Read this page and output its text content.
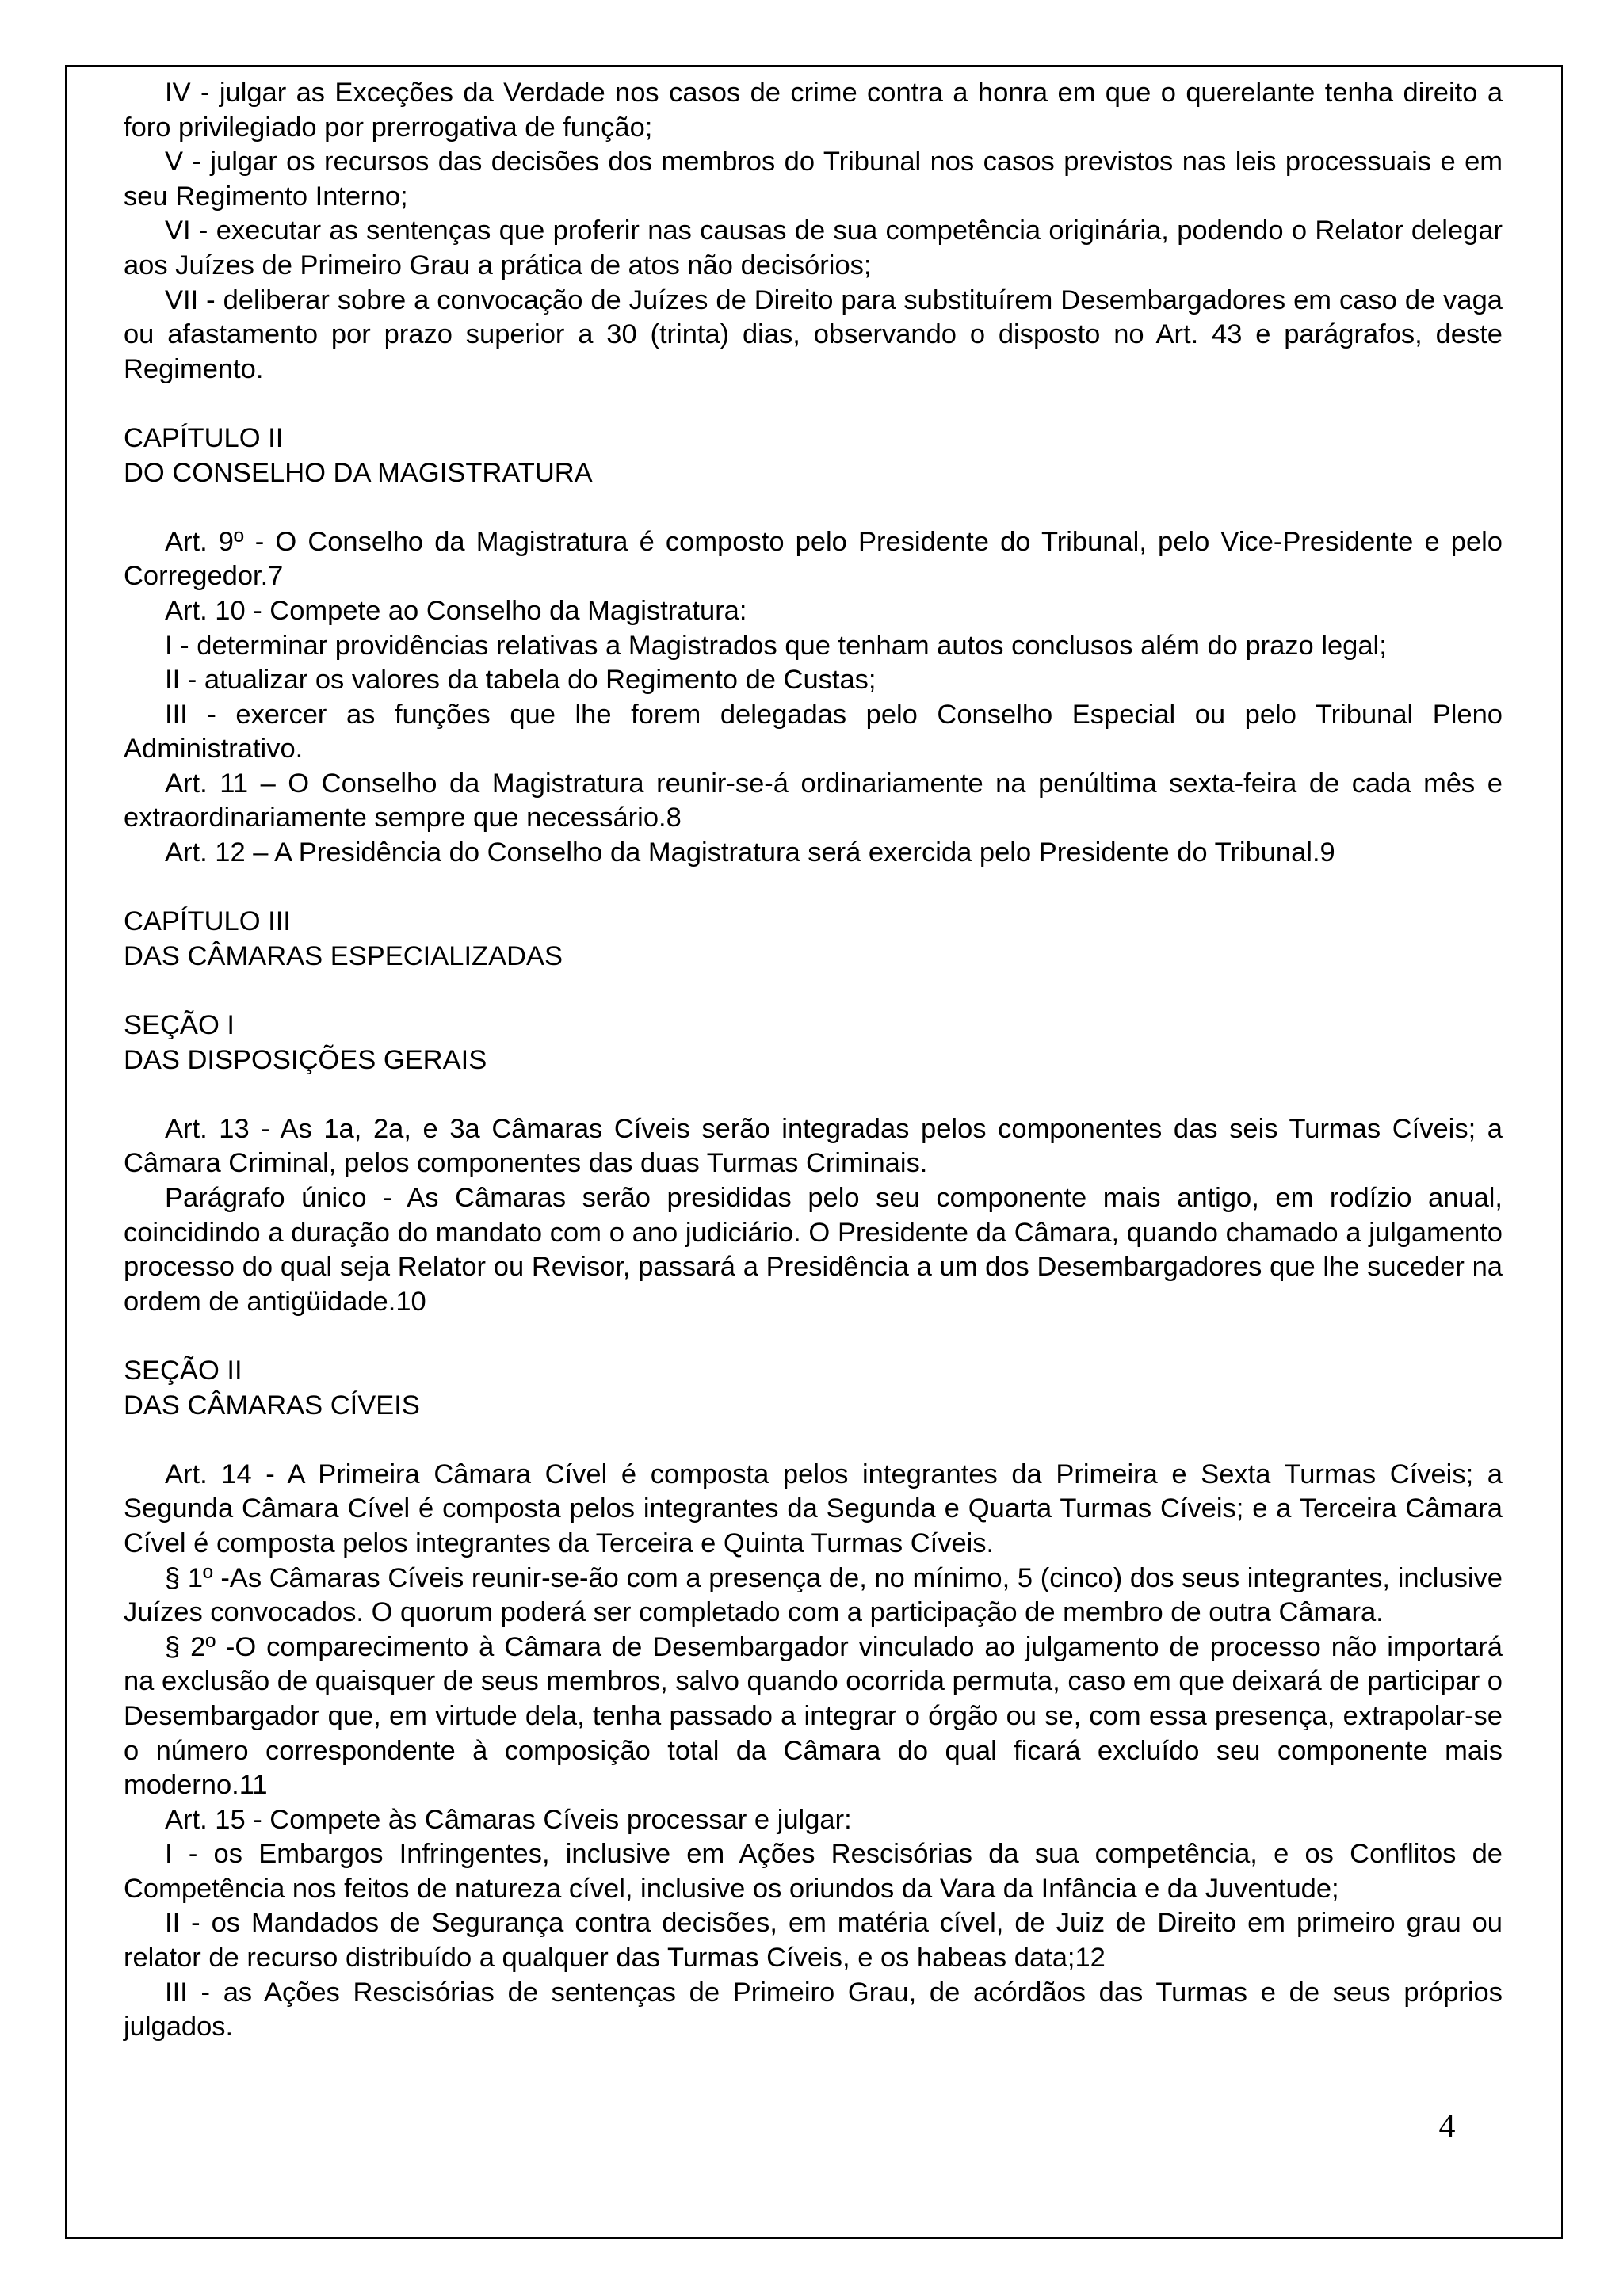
IV - julgar as Exceções da Verdade nos casos de crime contra a honra em que o querelante tenha direito a foro privilegiado por prerrogativa de função;

V - julgar os recursos das decisões dos membros do Tribunal nos casos previstos nas leis processuais e em seu Regimento Interno;

VI - executar as sentenças que proferir nas causas de sua competência originária, podendo o Relator delegar aos Juízes de Primeiro Grau a prática de atos não decisórios;

VII - deliberar sobre a convocação de Juízes de Direito para substituírem Desembargadores em caso de vaga ou afastamento por prazo superior a 30 (trinta) dias, observando o disposto no Art. 43 e parágrafos, deste Regimento.

CAPÍTULO II

DO CONSELHO DA MAGISTRATURA

Art. 9º - O Conselho da Magistratura é composto pelo Presidente do Tribunal, pelo Vice-Presidente e pelo Corregedor.7

Art. 10 - Compete ao Conselho da Magistratura:

I - determinar providências relativas a Magistrados que tenham autos conclusos além do prazo legal;

II - atualizar os valores da tabela do Regimento de Custas;

III - exercer as funções que lhe forem delegadas pelo Conselho Especial ou pelo Tribunal Pleno Administrativo.

Art. 11 – O Conselho da Magistratura reunir-se-á ordinariamente na penúltima sexta-feira de cada mês e extraordinariamente sempre que necessário.8

Art. 12 – A Presidência do Conselho da Magistratura será exercida pelo Presidente do Tribunal.9

CAPÍTULO III

DAS CÂMARAS ESPECIALIZADAS

SEÇÃO I

DAS DISPOSIÇÕES GERAIS

Art. 13 - As 1a, 2a, e 3a Câmaras Cíveis serão integradas pelos componentes das seis Turmas Cíveis; a Câmara Criminal, pelos componentes das duas Turmas Criminais.

Parágrafo único - As Câmaras serão presididas pelo seu componente mais antigo, em rodízio anual, coincidindo a duração do mandato com o ano judiciário. O Presidente da Câmara, quando chamado a julgamento processo do qual seja Relator ou Revisor, passará a Presidência a um dos Desembargadores que lhe suceder na ordem de antigüidade.10

SEÇÃO II

DAS CÂMARAS CÍVEIS

Art. 14 - A Primeira Câmara Cível é composta pelos integrantes da Primeira e Sexta Turmas Cíveis; a Segunda Câmara Cível é composta pelos integrantes da Segunda e Quarta Turmas Cíveis; e a Terceira Câmara Cível é composta pelos integrantes da Terceira e Quinta Turmas Cíveis.

§ 1º -As Câmaras Cíveis reunir-se-ão com a presença de, no mínimo, 5 (cinco) dos seus integrantes, inclusive Juízes convocados. O quorum poderá ser completado com a participação de membro de outra Câmara.

§ 2º -O comparecimento à Câmara de Desembargador vinculado ao julgamento de processo não importará na exclusão de quaisquer de seus membros, salvo quando ocorrida permuta, caso em que deixará de participar o Desembargador que, em virtude dela, tenha passado a integrar o órgão ou se, com essa presença, extrapolar-se o número correspondente à composição total da Câmara do qual ficará excluído seu componente mais moderno.11

Art. 15 - Compete às Câmaras Cíveis processar e julgar:

I - os Embargos Infringentes, inclusive em Ações Rescisórias da sua competência, e os Conflitos de Competência nos feitos de natureza cível, inclusive os oriundos da Vara da Infância e da Juventude;

II - os Mandados de Segurança contra decisões, em matéria cível, de Juiz de Direito em primeiro grau ou relator de recurso distribuído a qualquer das Turmas Cíveis, e os habeas data;12

III - as Ações Rescisórias de sentenças de Primeiro Grau, de acórdãos das Turmas e de seus próprios julgados.

4
